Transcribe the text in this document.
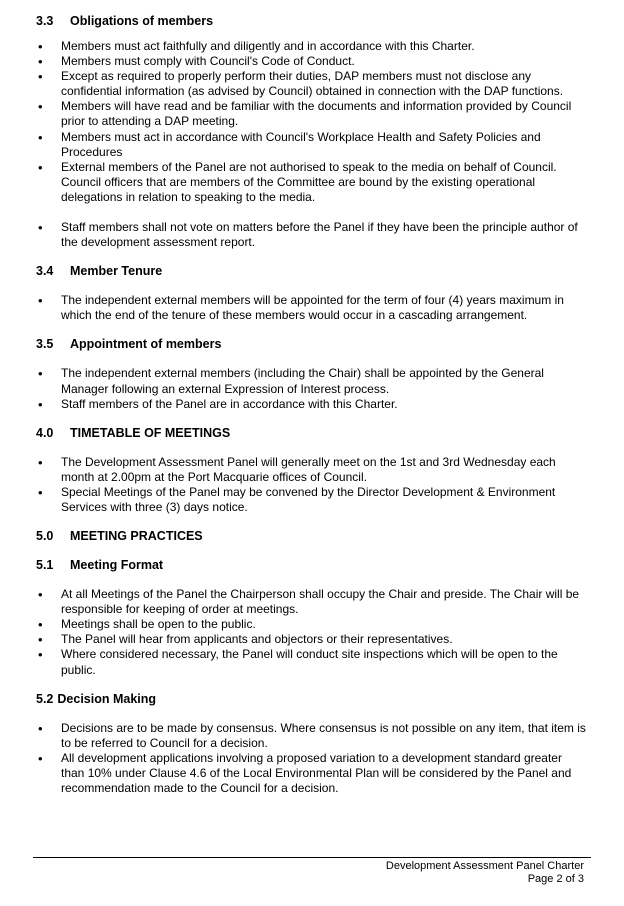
3.3 Obligations of members
• Members must act faithfully and diligently and in accordance with this Charter.
• Members must comply with Council's Code of Conduct.
• Except as required to properly perform their duties, DAP members must not disclose any confidential information (as advised by Council) obtained in connection with the DAP functions.
• Members will have read and be familiar with the documents and information provided by Council prior to attending a DAP meeting.
• Members must act in accordance with Council's Workplace Health and Safety Policies and Procedures
• External members of the Panel are not authorised to speak to the media on behalf of Council. Council officers that are members of the Committee are bound by the existing operational delegations in relation to speaking to the media.
• Staff members shall not vote on matters before the Panel if they have been the principle author of the development assessment report.
3.4 Member Tenure
• The independent external members will be appointed for the term of four (4) years maximum in which the end of the tenure of these members would occur in a cascading arrangement.
3.5 Appointment of members
• The independent external members (including the Chair) shall be appointed by the General Manager following an external Expression of Interest process.
• Staff members of the Panel are in accordance with this Charter.
4.0 TIMETABLE OF MEETINGS
• The Development Assessment Panel will generally meet on the 1st and 3rd Wednesday each month at 2.00pm at the Port Macquarie offices of Council.
• Special Meetings of the Panel may be convened by the Director Development & Environment Services with three (3) days notice.
5.0 MEETING PRACTICES
5.1 Meeting Format
• At all Meetings of the Panel the Chairperson shall occupy the Chair and preside. The Chair will be responsible for keeping of order at meetings.
• Meetings shall be open to the public.
• The Panel will hear from applicants and objectors or their representatives.
• Where considered necessary, the Panel will conduct site inspections which will be open to the public.
5.2 Decision Making
• Decisions are to be made by consensus. Where consensus is not possible on any item, that item is to be referred to Council for a decision.
• All development applications involving a proposed variation to a development standard greater than 10% under Clause 4.6 of the Local Environmental Plan will be considered by the Panel and recommendation made to the Council for a decision.
Development Assessment Panel Charter
Page 2 of 3
